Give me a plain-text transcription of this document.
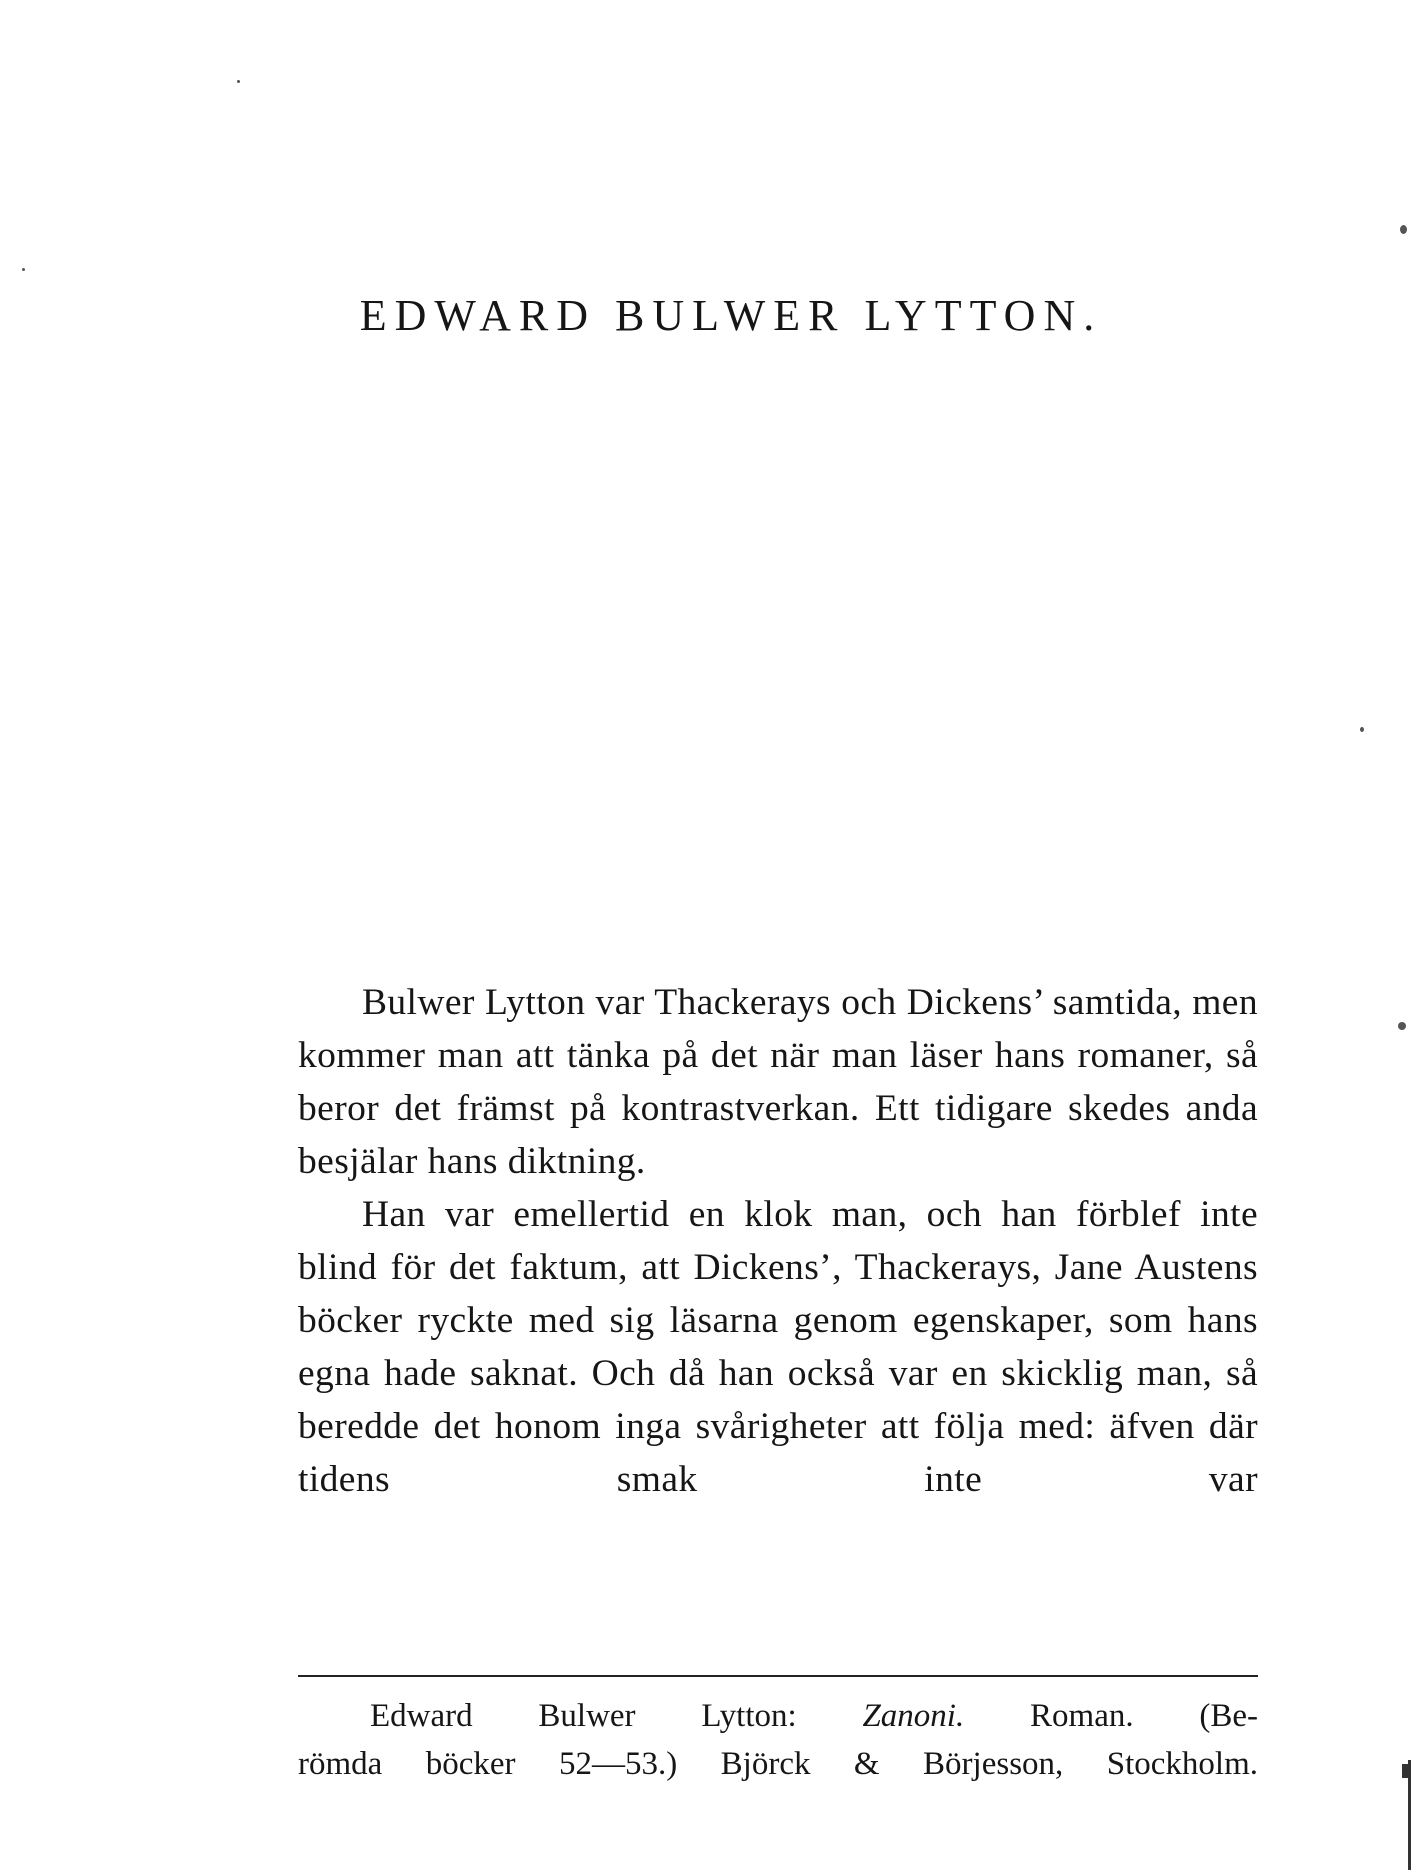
EDWARD BULWER LYTTON.

Bulwer Lytton var Thackerays och Dickens’ samtida, men kommer man att tänka på det när man läser hans romaner, så beror det främst på kontrastverkan. Ett tidigare skedes anda besjälar hans diktning.

Han var emellertid en klok man, och han förblef inte blind för det faktum, att Dickens’, Thackerays, Jane Austens böcker ryckte med sig läsarna genom egenskaper, som hans egna hade saknat. Och då han också var en skicklig man, så beredde det honom inga svårigheter att följa med: äfven där tidens smak inte var

Edward Bulwer Lytton: Zanoni. Roman. (Be-
römda böcker 52—53.) Björck & Börjesson, Stockholm.
